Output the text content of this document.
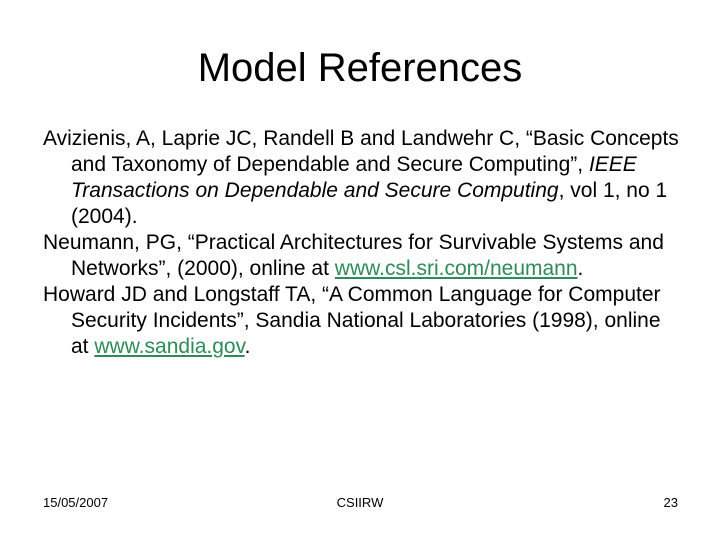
Model References

Avizienis, A, Laprie JC, Randell B and Landwehr C, “Basic Concepts and Taxonomy of Dependable and Secure Computing”, IEEE Transactions on Dependable and Secure Computing, vol 1, no 1 (2004).

Neumann, PG, “Practical Architectures for Survivable Systems and Networks”, (2000), online at www.csl.sri.com/neumann.

Howard JD and Longstaff TA, “A Common Language for Computer Security Incidents”, Sandia National Laboratories (1998), online at www.sandia.gov.

15/05/2007	CSIIRW	23
